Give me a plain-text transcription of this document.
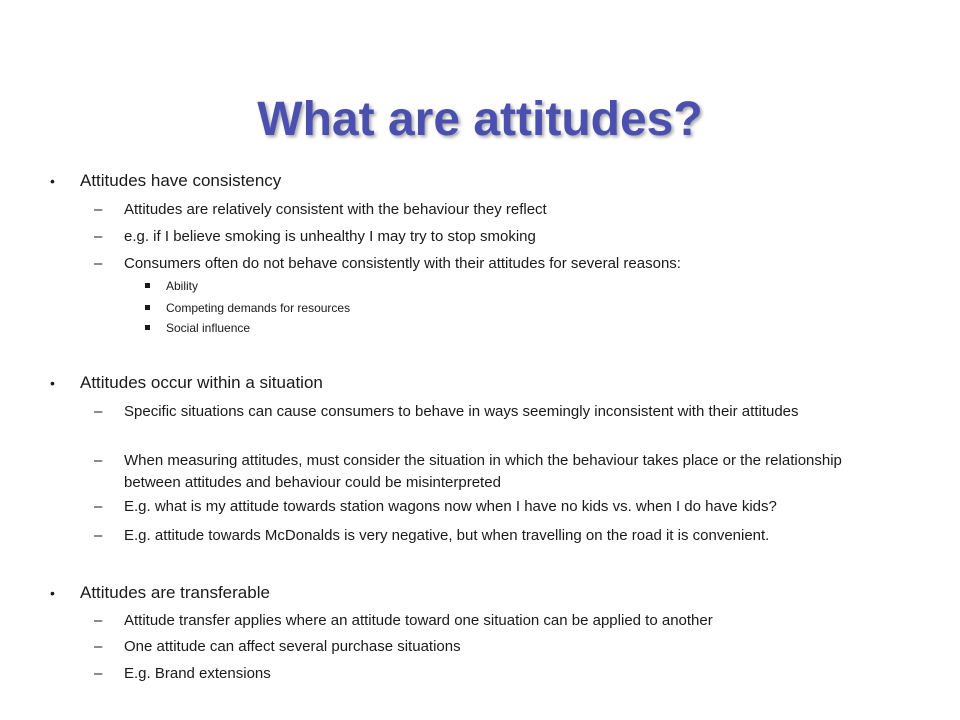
What are attitudes?
• Attitudes have consistency
– Attitudes are relatively consistent with the behaviour they reflect
– e.g. if I believe smoking is unhealthy I may try to stop smoking
– Consumers often do not behave consistently with their attitudes for several reasons:
Ability
Competing demands for resources
Social influence
• Attitudes occur within a situation
– Specific situations can cause consumers to behave in ways seemingly inconsistent with their attitudes
– When measuring attitudes, must consider the situation in which the behaviour takes place or the relationship between attitudes and behaviour could be misinterpreted
– E.g. what is my attitude towards station wagons now when I have no kids vs. when I do have kids?
– E.g. attitude towards McDonalds is very negative, but when travelling on the road it is convenient.
• Attitudes are transferable
– Attitude transfer applies where an attitude toward one situation can be applied to another
– One attitude can affect several purchase situations
– E.g. Brand extensions
